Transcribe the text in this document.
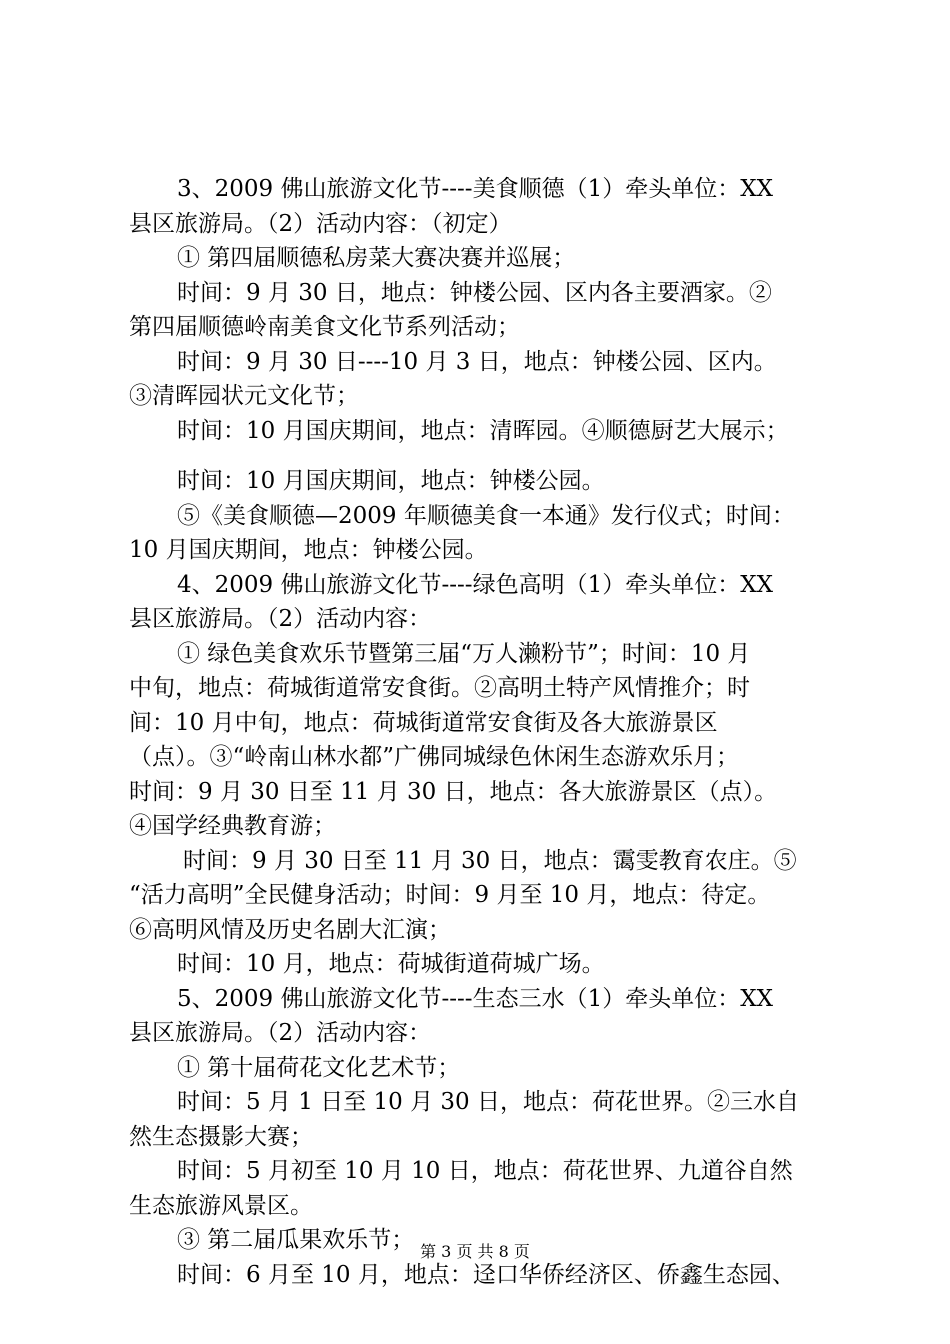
3、2009 佛山旅游文化节----美食顺德（1）牵头单位：XX
县区旅游局。（2）活动内容：（初定）
① 第四届顺德私房菜大赛决赛并巡展；
时间：9 月 30 日，地点：钟楼公园、区内各主要酒家。②
第四届顺德岭南美食文化节系列活动；
时间：9 月 30 日----10 月 3 日，地点：钟楼公园、区内。
③清晖园状元文化节；
时间：10 月国庆期间，地点：清晖园。④顺德厨艺大展示；
时间：10 月国庆期间，地点：钟楼公园。
⑤《美食顺德—2009 年顺德美食一本通》发行仪式；时间：
10 月国庆期间，地点：钟楼公园。
4、2009 佛山旅游文化节----绿色高明（1）牵头单位：XX
县区旅游局。（2）活动内容：
① 绿色美食欢乐节暨第三届“万人濑粉节”；时间：10 月
中旬，地点：荷城街道常安食街。②高明土特产风情推介；时
间：10 月中旬，地点：荷城街道常安食街及各大旅游景区
（点）。③“岭南山林水都”广佛同城绿色休闲生态游欢乐月；
时间：9 月 30 日至 11 月 30 日，地点：各大旅游景区（点）。
④国学经典教育游；
时间：9 月 30 日至 11 月 30 日，地点：霭雯教育农庄。⑤
“活力高明”全民健身活动；时间：9 月至 10 月，地点：待定。
⑥高明风情及历史名剧大汇演；
时间：10 月，地点：荷城街道荷城广场。
5、2009 佛山旅游文化节----生态三水（1）牵头单位：XX
县区旅游局。（2）活动内容：
① 第十届荷花文化艺术节；
时间：5 月 1 日至 10 月 30 日，地点：荷花世界。②三水自
然生态摄影大赛；
时间：5 月初至 10 月 10 日，地点：荷花世界、九道谷自然
生态旅游风景区。
③ 第二届瓜果欢乐节；
时间：6 月至 10 月，地点：迳口华侨经济区、侨鑫生态园、
第 3 页 共 8 页
